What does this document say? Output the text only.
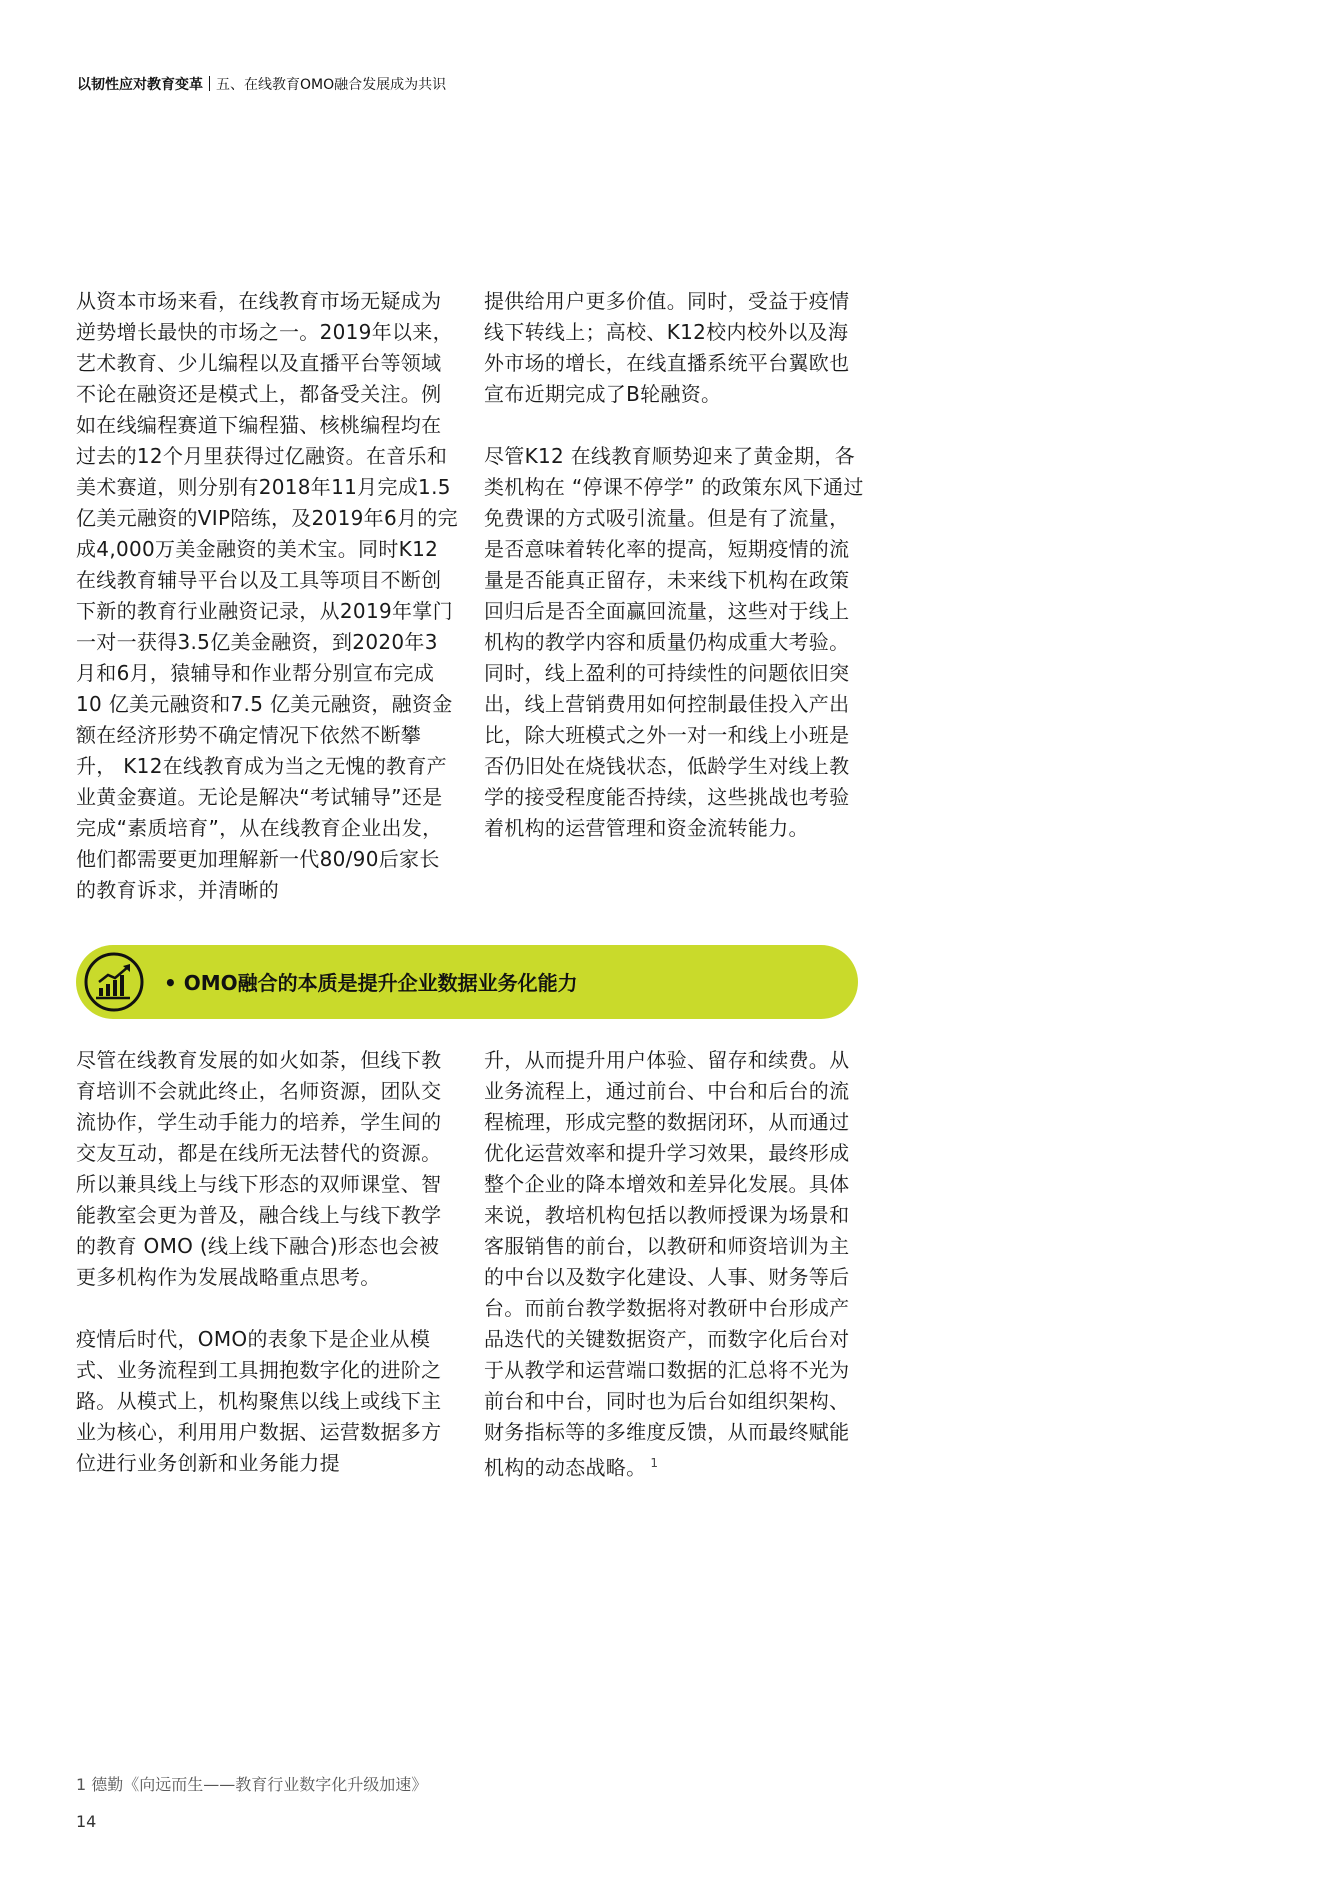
以韧性应对教育变革 五、在线教育OMO融合发展成为共识

从资本市场来看，在线教育市场无疑成为逆势增长最快的市场之一。2019年以来，艺术教育、少儿编程以及直播平台等领域不论在融资还是模式上，都备受关注。例如在线编程赛道下编程猫、核桃编程均在过去的12个月里获得过亿融资。在音乐和美术赛道，则分别有2018年11月完成1.5亿美元融资的VIP陪练，及2019年6月的完成4,000万美金融资的美术宝。同时K12在线教育辅导平台以及工具等项目不断创下新的教育行业融资记录，从2019年掌门一对一获得3.5亿美金融资，到2020年3月和6月，猿辅导和作业帮分别宣布完成 10 亿美元融资和7.5 亿美元融资，融资金额在经济形势不确定情况下依然不断攀升， K12在线教育成为当之无愧的教育产业黄金赛道。无论是解决“考试辅导”还是完成“素质培育”，从在线教育企业出发，他们都需要更加理解新一代80/90后家长的教育诉求，并清晰的

提供给用户更多价值。同时，受益于疫情线下转线上；高校、K12校内校外以及海外市场的增长，在线直播系统平台翼欧也宣布近期完成了B轮融资。

尽管K12 在线教育顺势迎来了黄金期，各类机构在 “停课不停学” 的政策东风下通过免费课的方式吸引流量。但是有了流量，是否意味着转化率的提高，短期疫情的流量是否能真正留存，未来线下机构在政策回归后是否全面赢回流量，这些对于线上机构的教学内容和质量仍构成重大考验。同时，线上盈利的可持续性的问题依旧突出，线上营销费用如何控制最佳投入产出比，除大班模式之外一对一和线上小班是否仍旧处在烧钱状态，低龄学生对线上教学的接受程度能否持续，这些挑战也考验着机构的运营管理和资金流转能力。

• OMO融合的本质是提升企业数据业务化能力

尽管在线教育发展的如火如荼，但线下教育培训不会就此终止，名师资源，团队交流协作，学生动手能力的培养，学生间的交友互动，都是在线所无法替代的资源。所以兼具线上与线下形态的双师课堂、智能教室会更为普及，融合线上与线下教学的教育 OMO (线上线下融合)形态也会被更多机构作为发展战略重点思考。

疫情后时代，OMO的表象下是企业从模式、业务流程到工具拥抱数字化的进阶之路。从模式上，机构聚焦以线上或线下主业为核心，利用用户数据、运营数据多方位进行业务创新和业务能力提

升，从而提升用户体验、留存和续费。从业务流程上，通过前台、中台和后台的流程梳理，形成完整的数据闭环，从而通过优化运营效率和提升学习效果，最终形成整个企业的降本增效和差异化发展。具体来说，教培机构包括以教师授课为场景和客服销售的前台，以教研和师资培训为主的中台以及数字化建设、人事、财务等后台。而前台教学数据将对教研中台形成产品迭代的关键数据资产，而数字化后台对于从教学和运营端口数据的汇总将不光为前台和中台，同时也为后台如组织架构、财务指标等的多维度反馈，从而最终赋能机构的动态战略。 $^1$

1 德勤《向远而生——教育行业数字化升级加速》
14
